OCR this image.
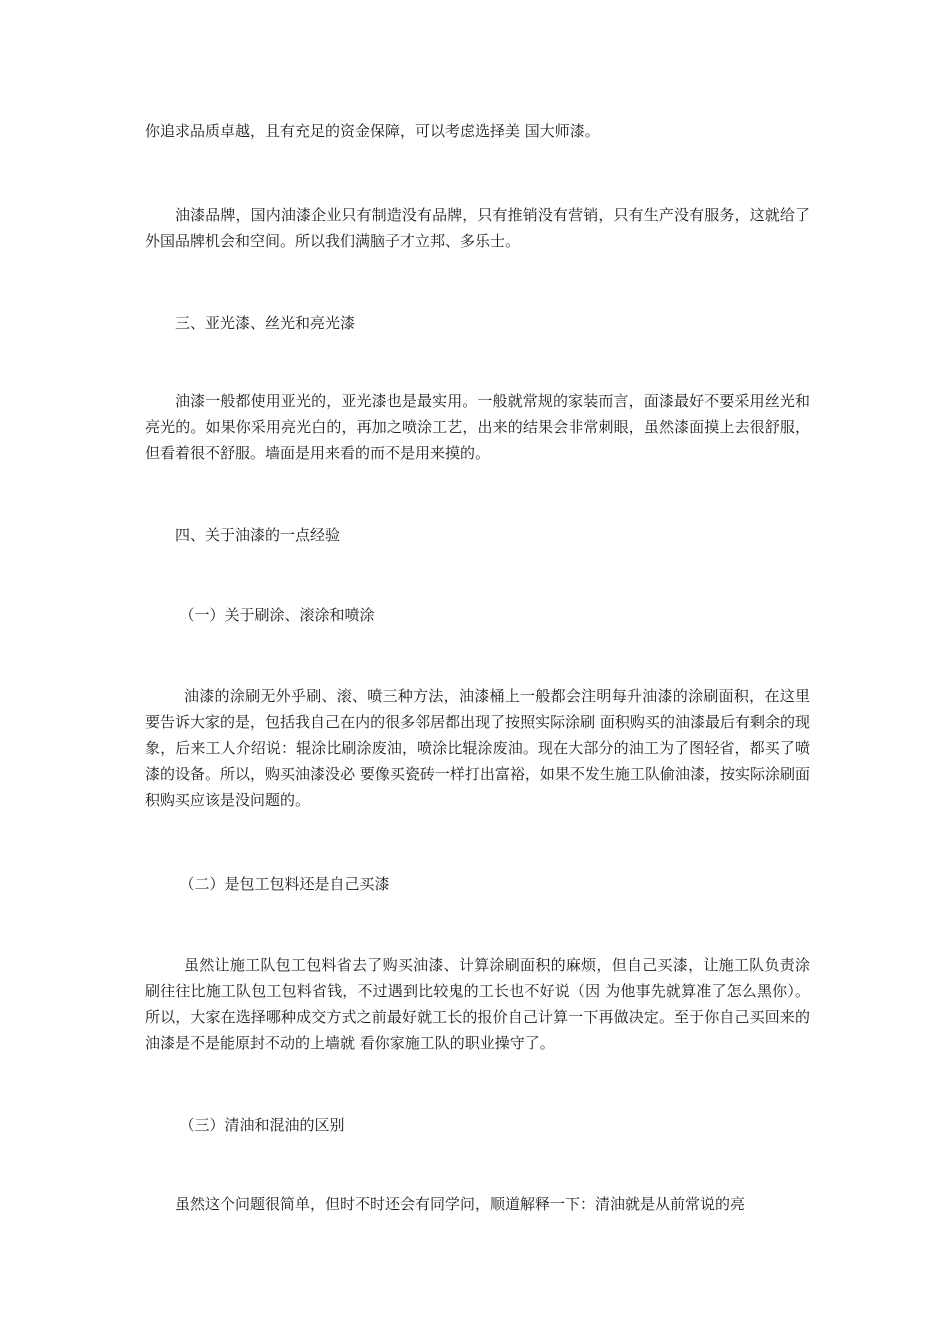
你追求品质卓越，且有充足的资金保障，可以考虑选择美 国大师漆。

油漆品牌，国内油漆企业只有制造没有品牌，只有推销没有营销，只有生产没有服务，这就给了外国品牌机会和空间。所以我们满脑子才立邦、多乐士。

三、亚光漆、丝光和亮光漆

油漆一般都使用亚光的，亚光漆也是最实用。一般就常规的家装而言，面漆最好不要采用丝光和亮光的。如果你采用亮光白的，再加之喷涂工艺，出来的结果会非常刺眼，虽然漆面摸上去很舒服，但看着很不舒服。墙面是用来看的而不是用来摸的。

四、关于油漆的一点经验

（一）关于刷涂、滚涂和喷涂

油漆的涂刷无外乎刷、滚、喷三种方法，油漆桶上一般都会注明每升油漆的涂刷面积，在这里要告诉大家的是，包括我自己在内的很多邻居都出现了按照实际涂刷 面积购买的油漆最后有剩余的现象，后来工人介绍说：辊涂比刷涂废油，喷涂比辊涂废油。现在大部分的油工为了图轻省，都买了喷漆的设备。所以，购买油漆没必 要像买瓷砖一样打出富裕，如果不发生施工队偷油漆，按实际涂刷面积购买应该是没问题的。

（二）是包工包料还是自己买漆

虽然让施工队包工包料省去了购买油漆、计算涂刷面积的麻烦，但自己买漆，让施工队负责涂刷往往比施工队包工包料省钱，不过遇到比较鬼的工长也不好说（因 为他事先就算准了怎么黑你）。所以，大家在选择哪种成交方式之前最好就工长的报价自己计算一下再做决定。至于你自己买回来的油漆是不是能原封不动的上墙就 看你家施工队的职业操守了。

（三）清油和混油的区别

虽然这个问题很简单，但时不时还会有同学问，顺道解释一下：清油就是从前常说的亮
